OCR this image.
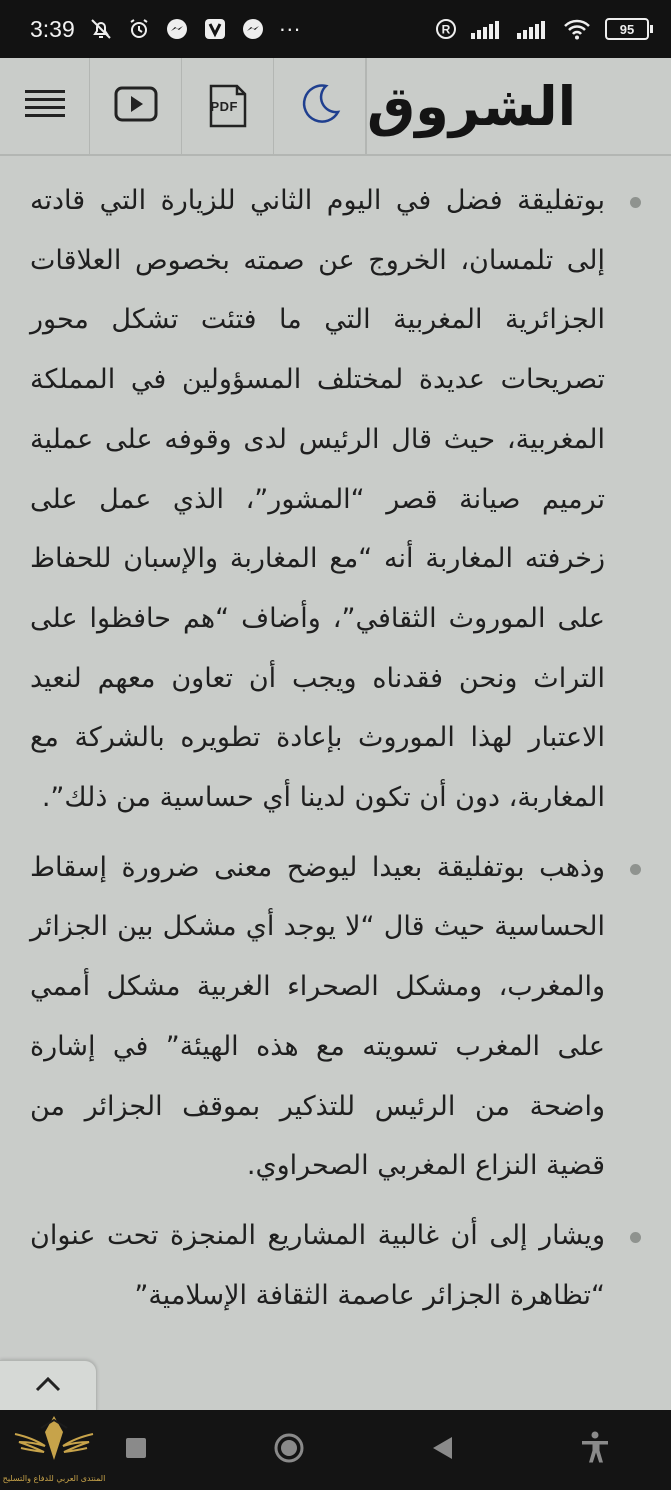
3:39	···	R	95
PDF الشروق
بوتفليقة فضل في اليوم الثاني للزيارة التي قادته إلى تلمسان، الخروج عن صمته بخصوص العلاقات الجزائرية المغربية التي ما فتئت تشكل محور تصريحات عديدة لمختلف المسؤولين في المملكة المغربية، حيث قال الرئيس لدى وقوفه على عملية ترميم صيانة قصر “المشور”، الذي عمل على زخرفته المغاربة أنه “مع المغاربة والإسبان للحفاظ على الموروث الثقافي”، وأضاف “هم حافظوا على التراث ونحن فقدناه ويجب أن تعاون معهم لنعيد الاعتبار لهذا الموروث بإعادة تطويره بالشركة مع المغاربة، دون أن تكون لدينا أي حساسية من ذلك”.
وذهب بوتفليقة بعيدا ليوضح معنى ضرورة إسقاط الحساسية حيث قال “لا يوجد أي مشكل بين الجزائر والمغرب، ومشكل الصحراء الغربية مشكل أممي على المغرب تسويته مع هذه الهيئة” في إشارة واضحة من الرئيس للتذكير بموقف الجزائر من قضية النزاع المغربي الصحراوي.
ويشار إلى أن غالبية المشاريع المنجزة تحت عنوان “تظاهرة الجزائر عاصمة الثقافة الإسلامية”
المنتدى العربي للدفاع والتسليح
